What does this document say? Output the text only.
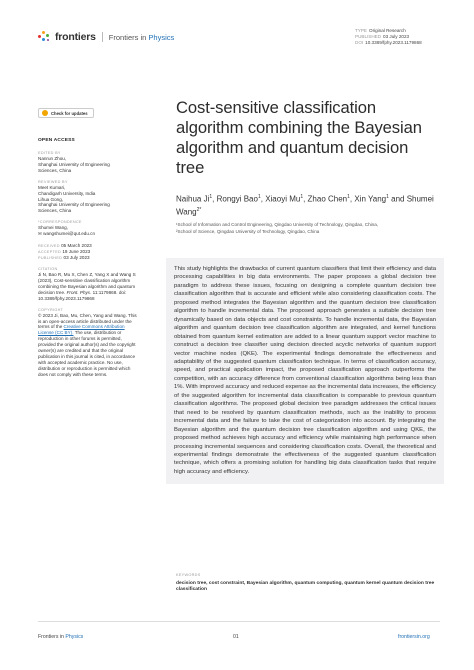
frontiers Frontiers in Physics
TYPE Original Research
PUBLISHED 03 July 2023
DOI 10.3389/fphy.2023.1179868
Check for updates
OPEN ACCESS
EDITED BY
Nanrun Zhou,
Shanghai University of Engineering
Sciences, China
REVIEWED BY
Meet Kumari,
Chandigarh University, India
Lihua Gong,
Shanghai University of Engineering
Sciences, China
*CORRESPONDENCE
Shumei Wang,
✉ wangshumei@qut.edu.cn
RECEIVED 05 March 2023
ACCEPTED 19 June 2023
PUBLISHED 03 July 2023
CITATION
Ji N, Bao R, Mu X, Chen Z, Yang X and Wang S (2023), Cost-sensitive classification algorithm combining the Bayesian algorithm and quantum decision tree. Front. Phys. 11:1179868. doi: 10.3389/fphy.2023.1179868
COPYRIGHT
© 2023 Ji, Bao, Mu, Chen, Yang and Wang. This is an open-access article distributed under the terms of the Creative Commons Attribution License (CC BY). The use, distribution or reproduction in other forums is permitted, provided the original author(s) and the copyright owner(s) are credited and that the original publication in this journal is cited, in accordance with accepted academic practice. No use, distribution or reproduction is permitted which does not comply with these terms.
Cost-sensitive classification algorithm combining the Bayesian algorithm and quantum decision tree
Naihua Ji$^1$, Rongyi Bao$^1$, Xiaoyi Mu$^1$, Zhao Chen$^1$, Xin Yang$^1$ and Shumei Wang$^{2*}$
¹School of Information and Control Engineering, Qingdao University of Technology, Qingdao, China,
²School of Science, Qingdao University of Technology, Qingdao, China

This study highlights the drawbacks of current quantum classifiers that limit their efficiency and data processing capabilities in big data environments. The paper proposes a global decision tree paradigm to address these issues, focusing on designing a complete quantum decision tree classification algorithm that is accurate and efficient while also considering classification costs. The proposed method integrates the Bayesian algorithm and the quantum decision tree classification algorithm to handle incremental data. The proposed approach generates a suitable decision tree dynamically based on data objects and cost constraints. To handle incremental data, the Bayesian algorithm and quantum decision tree classification algorithm are integrated, and kernel functions obtained from quantum kernel estimation are added to a linear quantum support vector machine to construct a decision tree classifier using decision directed acyclic networks of quantum support vector machine nodes (QKE). The experimental findings demonstrate the effectiveness and adaptability of the suggested quantum classification technique. In terms of classification accuracy, speed, and practical application impact, the proposed classification approach outperforms the competition, with an accuracy difference from conventional classification algorithms being less than 1%. With improved accuracy and reduced expense as the incremental data increases, the efficiency of the suggested algorithm for incremental data classification is comparable to previous quantum classification algorithms. The proposed global decision tree paradigm addresses the critical issues that need to be resolved by quantum classification methods, such as the inability to process incremental data and the failure to take the cost of categorization into account. By integrating the Bayesian algorithm and the quantum decision tree classification algorithm and using QKE, the proposed method achieves high accuracy and efficiency while maintaining high performance when processing incremental sequences and considering classification costs. Overall, the theoretical and experimental findings demonstrate the effectiveness of the suggested quantum classification technique, which offers a promising solution for handling big data classification tasks that require high accuracy and efficiency.

KEYWORDS
decision tree, cost constraint, Bayesian algorithm, quantum computing, quantum kernel quantum decision tree classification
Frontiers in Physics	01	frontiersin.org
